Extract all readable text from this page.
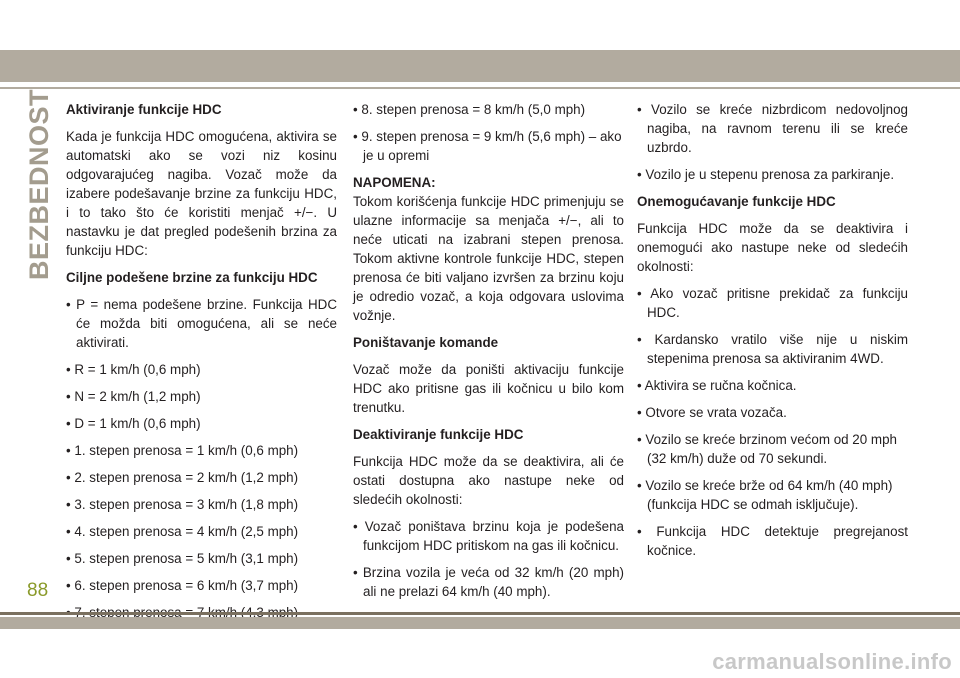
BEZBEDNOST Aktiviranje funkcije HDC

Kada je funkcija HDC omogućena, aktivira se automatski ako se vozi niz kosinu odgovarajućeg nagiba. Vozač može da izabere podešavanje brzine za funkciju HDC, i to tako što će koristiti menjač +/−. U nastavku je dat pregled podešenih brzina za funkciju HDC:

Ciljne podešene brzine za funkciju HDC

• P = nema podešene brzine. Funkcija HDC će možda biti omogućena, ali se neće aktivirati.

• R = 1 km/h (0,6 mph)

• N = 2 km/h (1,2 mph)

• D = 1 km/h (0,6 mph)

• 1. stepen prenosa = 1 km/h (0,6 mph)

• 2. stepen prenosa = 2 km/h (1,2 mph)

• 3. stepen prenosa = 3 km/h (1,8 mph)

• 4. stepen prenosa = 4 km/h (2,5 mph)

• 5. stepen prenosa = 5 km/h (3,1 mph)

• 6. stepen prenosa = 6 km/h (3,7 mph)

• 8. stepen prenosa = 8 km/h (5,0 mph)

• 9. stepen prenosa = 9 km/h (5,6 mph) – ako je u opremi

NAPOMENA:

Tokom korišćenja funkcije HDC primenjuju se ulazne informacije sa menjača +/−, ali to neće uticati na izabrani stepen prenosa. Tokom aktivne kontrole funkcije HDC, stepen prenosa će biti valjano izvršen za brzinu koju je odredio vozač, a koja odgovara uslovima vožnje.

Poništavanje komande

Vozač može da poništi aktivaciju funkcije HDC ako pritisne gas ili kočnicu u bilo kom trenutku.

Deaktiviranje funkcije HDC

Funkcija HDC može da se deaktivira, ali će ostati dostupna ako nastupe neke od sledećih okolnosti:

• Vozač poništava brzinu koja je podešena funkcijom HDC pritiskom na gas ili kočnicu.

• Brzina vozila je veća od 32 km/h (20 mph) ali ne prelazi 64 km/h (40 mph).

• Vozilo se kreće nizbrdicom nedovoljnog nagiba, na ravnom terenu ili se kreće uzbrdo.

• Vozilo je u stepenu prenosa za parkiranje.

Onemogućavanje funkcije HDC

Funkcija HDC može da se deaktivira i onemogući ako nastupe neke od sledećih okolnosti:

• Ako vozač pritisne prekidač za funkciju HDC.

• Kardansko vratilo više nije u niskim stepenima prenosa sa aktiviranim 4WD.

• Aktivira se ručna kočnica.

• Otvore se vrata vozača.

• Vozilo se kreće brzinom većom od 20 mph (32 km/h) duže od 70 sekundi.

• Vozilo se kreće brže od 64 km/h (40 mph) (funkcija HDC se odmah isključuje).

• Funkcija HDC detektuje pregrejanost kočnice.

88
carmanualsonline.info
